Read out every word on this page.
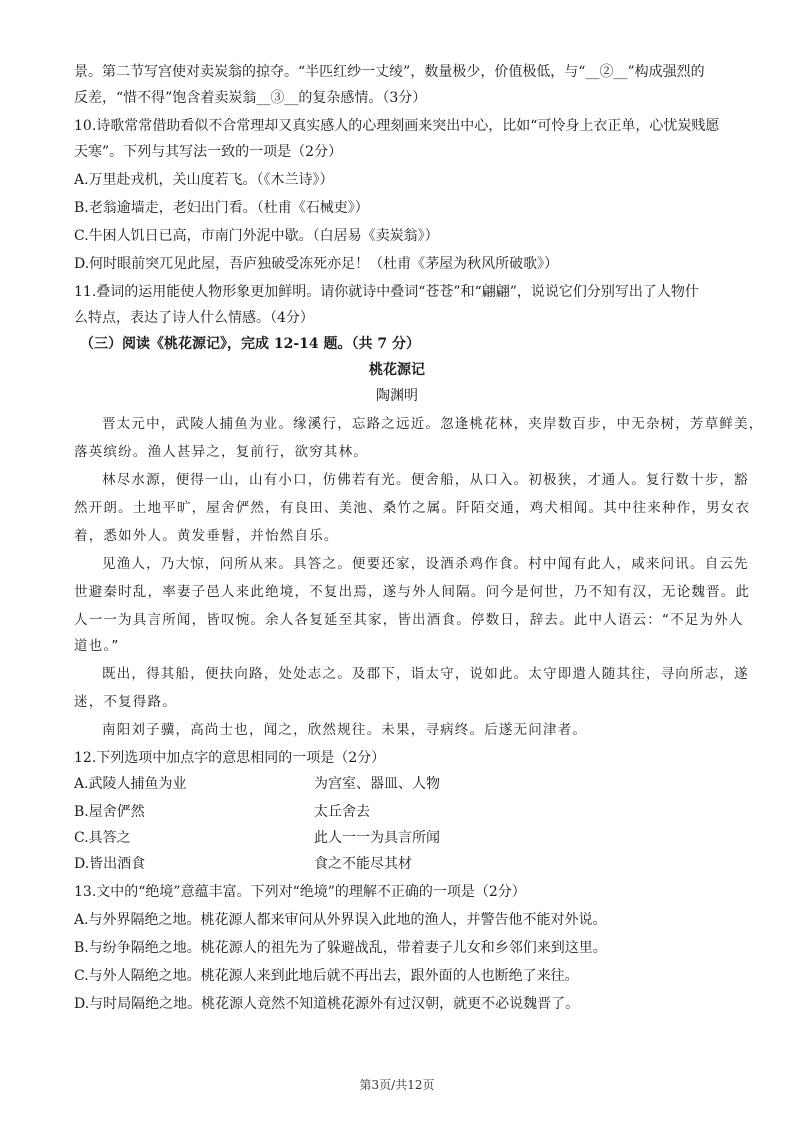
景。第二节写宫使对卖炭翁的掠夺。“半匹红纱一丈绫”，数量极少，价值极低，与“__②__”构成强烈的
反差，“惜不得”饱含着卖炭翁__③__的复杂感情。（3分）
10.诗歌常常借助看似不合常理却又真实感人的心理刻画来突出中心，比如“可怜身上衣正单，心忧炭贱愿
天寒”。下列与其写法一致的一项是（2分）
A.万里赴戎机，关山度若飞。（《木兰诗》）
B.老翁逾墙走，老妇出门看。（杜甫《石械吏》）
C.牛困人饥日已高，市南门外泥中歇。（白居易《卖炭翁》）
D.何时眼前突兀见此屋，吾庐独破受冻死亦足！（杜甫《茅屋为秋风所破歌》）
11.叠词的运用能使人物形象更加鲜明。请你就诗中叠词“苍苍”和“翩翩”，说说它们分别写出了人物什
么特点，表达了诗人什么情感。（4分）
（三）阅读《桃花源记》，完成 12-14 题。（共 7 分）
桃花源记
陶渊明
晋太元中，武陵人捕鱼为业。缘溪行，忘路之远近。忽逢桃花林，夹岸数百步，中无杂树，芳草鲜美，
落英缤纷。渔人甚异之，复前行，欲穷其林。
林尽水源，便得一山，山有小口，仿佛若有光。便舍船，从口入。初极狭，才通人。复行数十步，豁
然开朗。土地平旷，屋舍俨然，有良田、美池、桑竹之属。阡陌交通，鸡犬相闻。其中往来种作，男女衣
着，悉如外人。黄发垂髫，并怡然自乐。
见渔人，乃大惊，问所从来。具答之。便要还家，设酒杀鸡作食。村中闻有此人，咸来问讯。自云先
世避秦时乱，率妻子邑人来此绝境，不复出焉，遂与外人间隔。问今是何世，乃不知有汉，无论魏晋。此
人一一为具言所闻，皆叹惋。余人各复延至其家，皆出酒食。停数日，辞去。此中人语云：“不足为外人
道也。”
既出，得其船，便扶向路，处处志之。及郡下，诣太守，说如此。太守即遣人随其往，寻向所志，遂
迷，不复得路。
南阳刘子骥，高尚士也，闻之，欣然规往。未果，寻病终。后遂无问津者。
12.下列选项中加点字的意思相同的一项是（2分）
A.武陵人捕鱼为业	为宫室、器皿、人物
B.屋舍俨然	太丘舍去
C.具答之	此人一一为具言所闻
D.皆出酒食	食之不能尽其材
13.文中的“绝境”意蕴丰富。下列对“绝境”的理解不正确的一项是（2分）
A.与外界隔绝之地。桃花源人都来审问从外界误入此地的渔人，并警告他不能对外说。
B.与纷争隔绝之地。桃花源人的祖先为了躲避战乱，带着妻子儿女和乡邻们来到这里。
C.与外人隔绝之地。桃花源人来到此地后就不再出去，跟外面的人也断绝了来往。
D.与时局隔绝之地。桃花源人竟然不知道桃花源外有过汉朝，就更不必说魏晋了。
第3页/共12页
